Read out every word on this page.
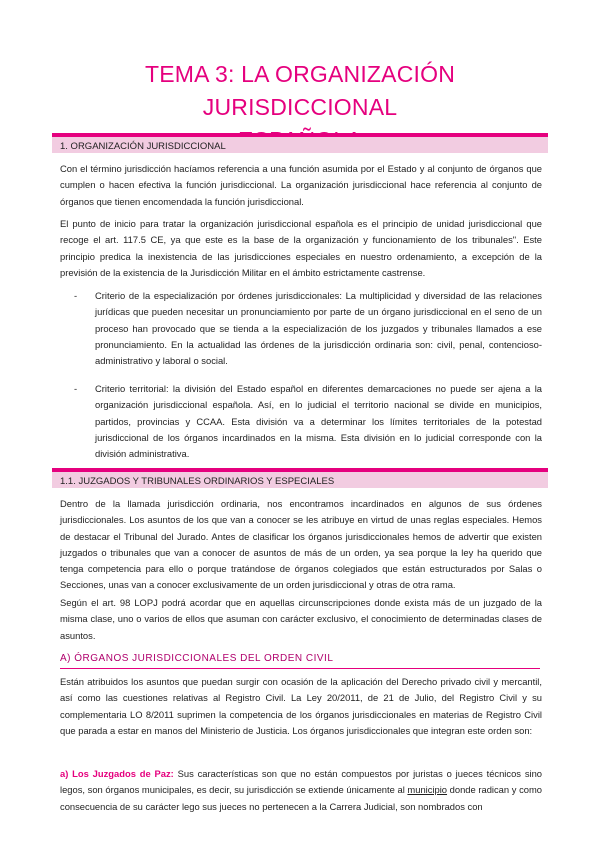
TEMA 3: LA ORGANIZACIÓN JURISDICCIONAL
1. ORGANIZACIÓN JURISDICCIONAL

Con el término jurisdicción hacíamos referencia a una función asumida por el Estado y al conjunto de órganos que cumplen o hacen efectiva la función jurisdiccional. La organización jurisdiccional hace referencia al conjunto de órganos que tienen encomendada la función jurisdiccional.

El punto de inicio para tratar la organización jurisdiccional española es el principio de unidad jurisdiccional que recoge el art. 117.5 CE, ya que este es la base de la organización y funcionamiento de los tribunales". Este principio predica la inexistencia de las jurisdicciones especiales en nuestro ordenamiento, a excepción de la previsión de la existencia de la Jurisdicción Militar en el ámbito estrictamente castrense.

- Criterio de la especialización por órdenes jurisdiccionales: La multiplicidad y diversidad de las relaciones jurídicas que pueden necesitar un pronunciamiento por parte de un órgano jurisdiccional en el seno de un proceso han provocado que se tienda a la especialización de los juzgados y tribunales llamados a ese pronunciamiento. En la actualidad las órdenes de la jurisdicción ordinaria son: civil, penal, contencioso-administrativo y laboral o social.

- Criterio territorial: la división del Estado español en diferentes demarcaciones no puede ser ajena a la organización jurisdiccional española. Así, en lo judicial el territorio nacional se divide en municipios, partidos, provincias y CCAA. Esta división va a determinar los límites territoriales de la potestad jurisdiccional de los órganos incardinados en la misma. Esta división en lo judicial corresponde con la división administrativa.

1.1. JUZGADOS Y TRIBUNALES ORDINARIOS Y ESPECIALES

Dentro de la llamada jurisdicción ordinaria, nos encontramos incardinados en algunos de sus órdenes jurisdiccionales. Los asuntos de los que van a conocer se les atribuye en virtud de unas reglas especiales. Hemos de destacar el Tribunal del Jurado. Antes de clasificar los órganos jurisdiccionales hemos de advertir que existen juzgados o tribunales que van a conocer de asuntos de más de un orden, ya sea porque la ley ha querido que tenga competencia para ello o porque tratándose de órganos colegiados que están estructurados por Salas o Secciones, unas van a conocer exclusivamente de un orden jurisdiccional y otras de otra rama.

Según el art. 98 LOPJ podrá acordar que en aquellas circunscripciones donde exista más de un juzgado de la misma clase, uno o varios de ellos que asuman con carácter exclusivo, el conocimiento de determinadas clases de asuntos.

A) ÓRGANOS JURISDICCIONALES DEL ORDEN CIVIL

Están atribuidos los asuntos que puedan surgir con ocasión de la aplicación del Derecho privado civil y mercantil, así como las cuestiones relativas al Registro Civil. La Ley 20/2011, de 21 de Julio, del Registro Civil y su complementaria LO 8/2011 suprimen la competencia de los órganos jurisdiccionales en materias de Registro Civil que parada a estar en manos del Ministerio de Justicia. Los órganos jurisdiccionales que integran este orden son:

a) Los Juzgados de Paz: Sus características son que no están compuestos por juristas o jueces técnicos sino legos, son órganos municipales, es decir, su jurisdicción se extiende únicamente al municipio donde radican y como consecuencia de su carácter lego sus jueces no pertenecen a la Carrera Judicial, son nombrados con
